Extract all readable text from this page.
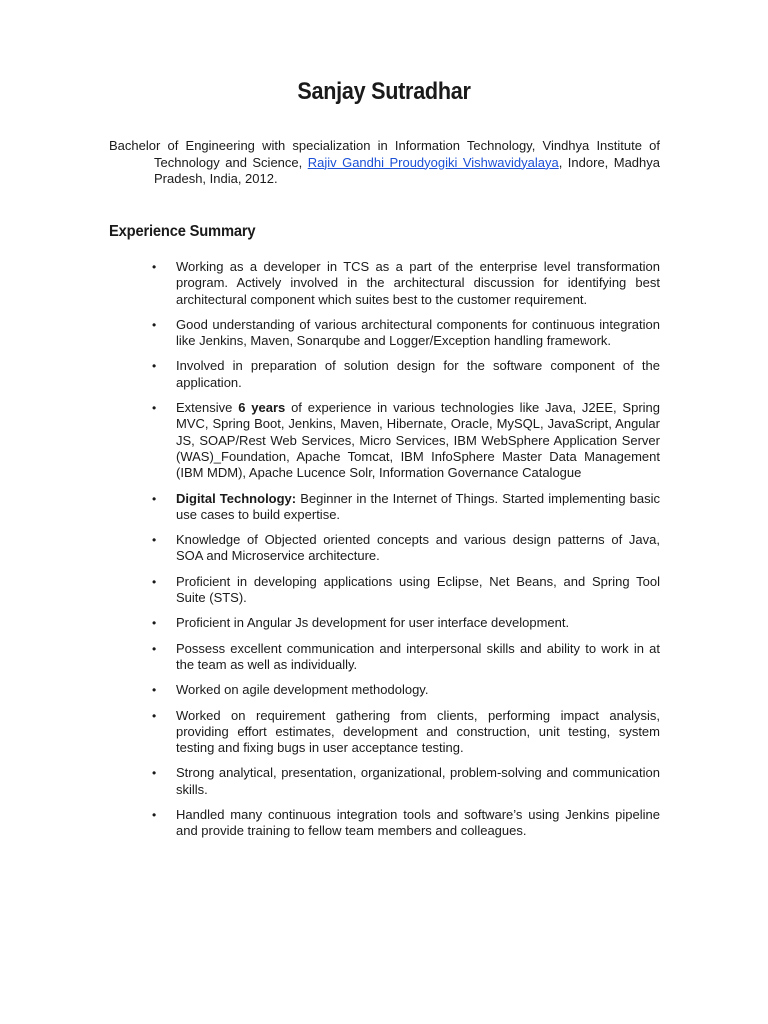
Sanjay Sutradhar

Bachelor of Engineering with specialization in Information Technology, Vindhya Institute of Technology and Science, Rajiv Gandhi Proudyogiki Vishwavidyalaya, Indore, Madhya Pradesh, India, 2012.

Experience Summary
• Working as a developer in TCS as a part of the enterprise level transformation program. Actively involved in the architectural discussion for identifying best architectural component which suites best to the customer requirement.
• Good understanding of various architectural components for continuous integration like Jenkins, Maven, Sonarqube and Logger/Exception handling framework.
• Involved in preparation of solution design for the software component of the application.
• Extensive 6 years of experience in various technologies like Java, J2EE, Spring MVC, Spring Boot, Jenkins, Maven, Hibernate, Oracle, MySQL, JavaScript, Angular JS, SOAP/Rest Web Services, Micro Services, IBM WebSphere Application Server (WAS)_Foundation, Apache Tomcat, IBM InfoSphere Master Data Management (IBM MDM), Apache Lucence Solr, Information Governance Catalogue
• Digital Technology: Beginner in the Internet of Things. Started implementing basic use cases to build expertise.
• Knowledge of Objected oriented concepts and various design patterns of Java, SOA and Microservice architecture.
• Proficient in developing applications using Eclipse, Net Beans, and Spring Tool Suite (STS).
• Proficient in Angular Js development for user interface development.
• Possess excellent communication and interpersonal skills and ability to work in at the team as well as individually.
• Worked on agile development methodology.
• Worked on requirement gathering from clients, performing impact analysis, providing effort estimates, development and construction, unit testing, system testing and fixing bugs in user acceptance testing.
• Strong analytical, presentation, organizational, problem-solving and communication skills.
• Handled many continuous integration tools and software’s using Jenkins pipeline and provide training to fellow team members and colleagues.
